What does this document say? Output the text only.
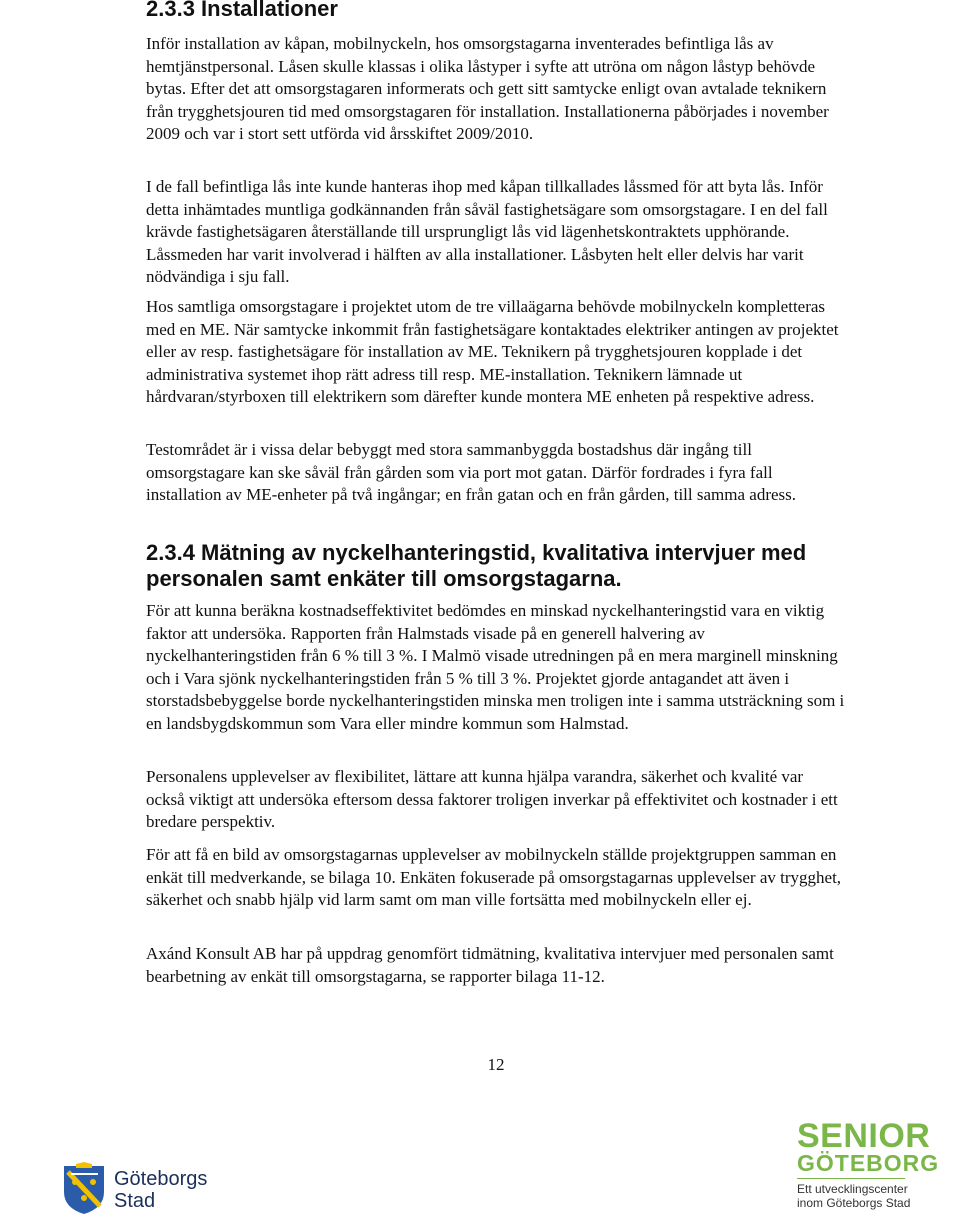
2.3.3 Installationer

Inför installation av kåpan, mobilnyckeln, hos omsorgstagarna inventerades befintliga lås av hemtjänstpersonal. Låsen skulle klassas i olika låstyper i syfte att utröna om någon låstyp behövde bytas. Efter det att omsorgstagaren informerats och gett sitt samtycke enligt ovan avtalade teknikern från trygghetsjouren tid med omsorgstagaren för installation. Installationerna påbörjades i november 2009 och var i stort sett utförda vid årsskiftet 2009/2010.

I de fall befintliga lås inte kunde hanteras ihop med kåpan tillkallades låssmed för att byta lås. Inför detta inhämtades muntliga godkännanden från såväl fastighetsägare som omsorgstagare. I en del fall krävde fastighetsägaren återställande till ursprungligt lås vid lägenhetskontraktets upphörande. Låssmeden har varit involverad i hälften av alla installationer. Låsbyten helt eller delvis har varit nödvändiga i sju fall.

Hos samtliga omsorgstagare i projektet utom de tre villaägarna behövde mobilnyckeln kompletteras med en ME. När samtycke inkommit från fastighetsägare kontaktades elektriker antingen av projektet eller av resp. fastighetsägare för installation av ME. Teknikern på trygghetsjouren kopplade i det administrativa systemet ihop rätt adress till resp. ME-installation. Teknikern lämnade ut hårdvaran/styrboxen till elektrikern som därefter kunde montera ME enheten på respektive adress.

Testområdet är i vissa delar bebyggt med stora sammanbyggda bostadshus där ingång till omsorgstagare kan ske såväl från gården som via port mot gatan. Därför fordrades i fyra fall installation av ME-enheter på två ingångar; en från gatan och en från gården, till samma adress.

2.3.4 Mätning av nyckelhanteringstid, kvalitativa intervjuer med personalen samt enkäter till omsorgstagarna.

För att kunna beräkna kostnadseffektivitet bedömdes en minskad nyckelhanteringstid vara en viktig faktor att undersöka. Rapporten från Halmstads visade på en generell halvering av nyckelhanteringstiden från 6 % till 3 %. I Malmö visade utredningen på en mera marginell minskning och i Vara sjönk nyckelhanteringstiden från 5 % till 3 %. Projektet gjorde antagandet att även i storstadsbebyggelse borde nyckelhanteringstiden minska men troligen inte i samma utsträckning som i en landsbygdskommun som Vara eller mindre kommun som Halmstad.

Personalens upplevelser av flexibilitet, lättare att kunna hjälpa varandra, säkerhet och kvalité var också viktigt att undersöka eftersom dessa faktorer troligen inverkar på effektivitet och kostnader i ett bredare perspektiv.

För att få en bild av omsorgstagarnas upplevelser av mobilnyckeln ställde projektgruppen samman en enkät till medverkande, se bilaga 10. Enkäten fokuserade på omsorgstagarnas upplevelser av trygghet, säkerhet och snabb hjälp vid larm samt om man ville fortsätta med mobilnyckeln eller ej.

Axánd Konsult AB har på uppdrag genomfört tidmätning, kvalitativa intervjuer med personalen samt bearbetning av enkät till omsorgstagarna, se rapporter bilaga 11-12.

12
Göteborgs
Stad
SENIOR
GÖTEBORG
Ett utvecklingscenter
inom Göteborgs Stad
